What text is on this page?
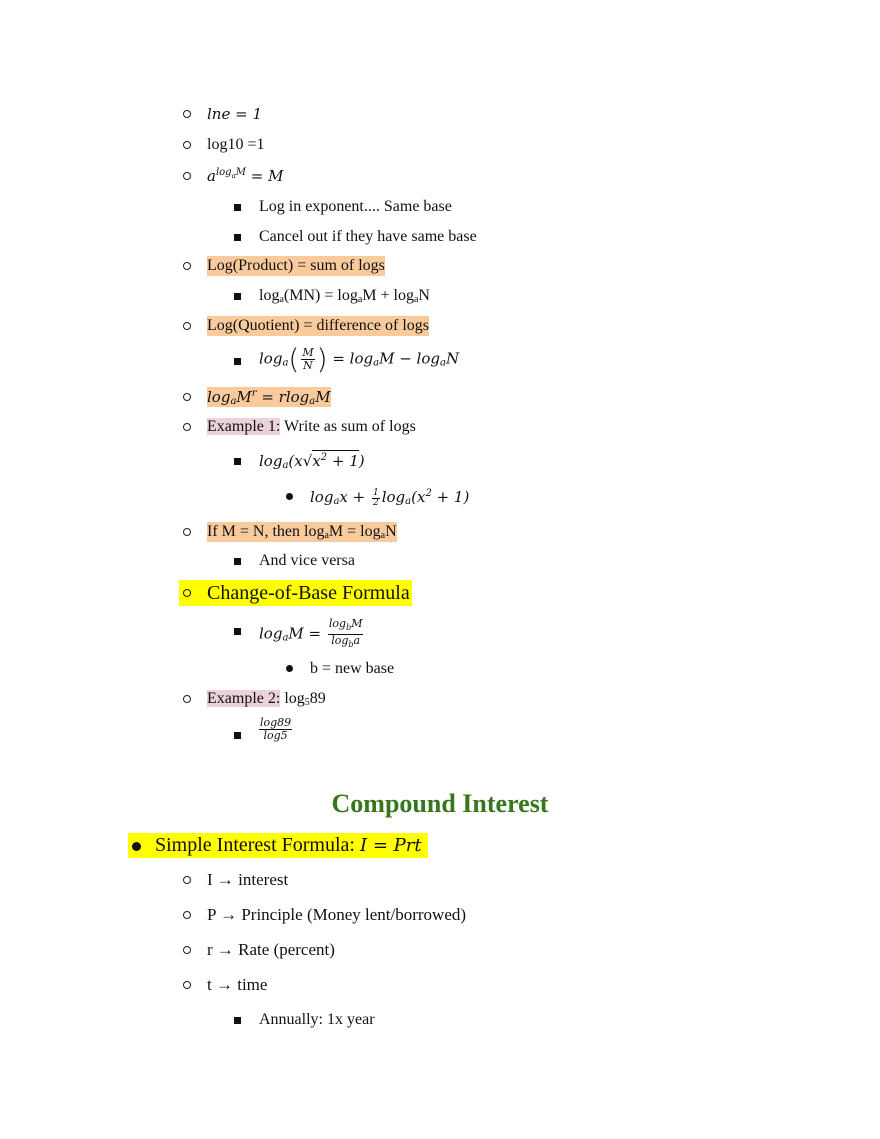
lne = 1
log10 =1
$a^{log_aM} = M$
Log in exponent.... Same base
Cancel out if they have same base
Log(Product) = sum of logs
$\log_a(MN) = \log_aM + \log_aN$
Log(Quotient) = difference of logs
$\log_a( \frac{M}{N}$ ) = $\log_aM - \log_aN$
$\log_aM^r = rlog_aM$
Example 1: Write as sum of logs
$\log_a(x√x^2 + 1)$
$\log_ax + \frac{1}{2} \log_a(x^2 + 1)$
If M = N, then $\log_aM = \log_aN$
And vice versa
Change-of-Base Formula
$\log_aM = \frac{\log_bM}{\log_ba}$
b = new base
Example 2: $\log_589$
$\frac{\log 89}{\log 5}$
Compound Interest
Simple Interest Formula: I = Prt
I → interest
P → Principle (Money lent/borrowed)
r → Rate (percent)
t → time
Annually: 1x year
